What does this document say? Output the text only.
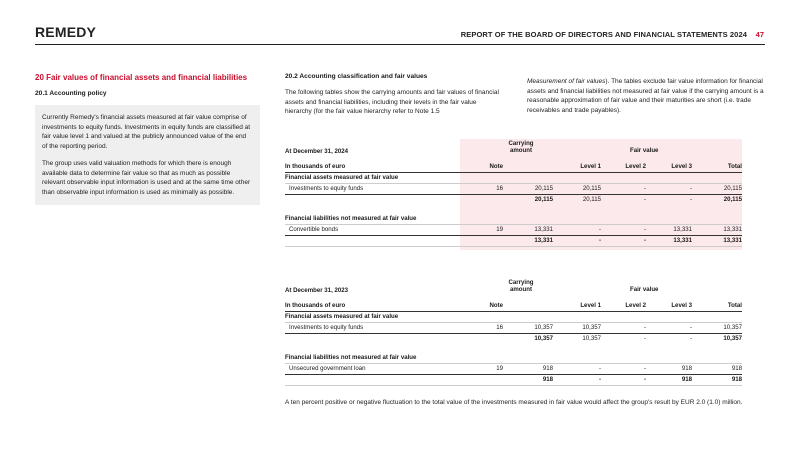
REMEDY	REPORT OF THE BOARD OF DIRECTORS AND FINANCIAL STATEMENTS 2024 47
20 Fair values of financial assets and financial liabilities
20.1 Accounting policy

Currently Remedy's financial assets measured at fair value comprise of investments to equity funds. Investments in equity funds are classified at fair value level 1 and valued at the publicly announced value of the end of the reporting period.

The group uses valid valuation methods for which there is enough available data to determine fair value so that as much as possible relevant observable input information is used and at the same time other than observable input information is used as minimally as possible.

20.2 Accounting classification and fair values
The following tables show the carrying amounts and fair values of financial assets and financial liabilities, including their levels in the fair value hierarchy (for the fair value hierarchy refer to Note 1.5
Measurement of fair values). The tables exclude fair value information for financial assets and financial liabilities not measured at fair value if the carrying amount is a reasonable approximation of fair value and their maturities are short (i.e. trade receivables and trade payables).
At December 31, 2024
Carrying
amount	Fair value
In thousands of euro	Note	Level 1	Level 2	Level 3	Total
Financial assets measured at fair value
Investments to equity funds	16	20,115	20,115	-	-	20,115
20,115	20,115	-	-	20,115
Financial liabilities not measured at fair value
Convertible bonds	19	13,331	-	-	13,331	13,331
13,331	-	-	13,331	13,331
At December 31, 2023
Carrying
amount	Fair value
In thousands of euro	Note	Level 1	Level 2	Level 3	Total
Financial assets measured at fair value
Investments to equity funds	16	10,357	10,357	-	-	10,357
10,357	10,357	-	-	10,357
Financial liabilities not measured at fair value
Unsecured government loan	19	918	-	-	918	918
918	-	-	918	918
A ten percent positive or negative fluctuation to the total value of the investments measured in fair value would affect the group's result by EUR 2.0 (1.0) million.
